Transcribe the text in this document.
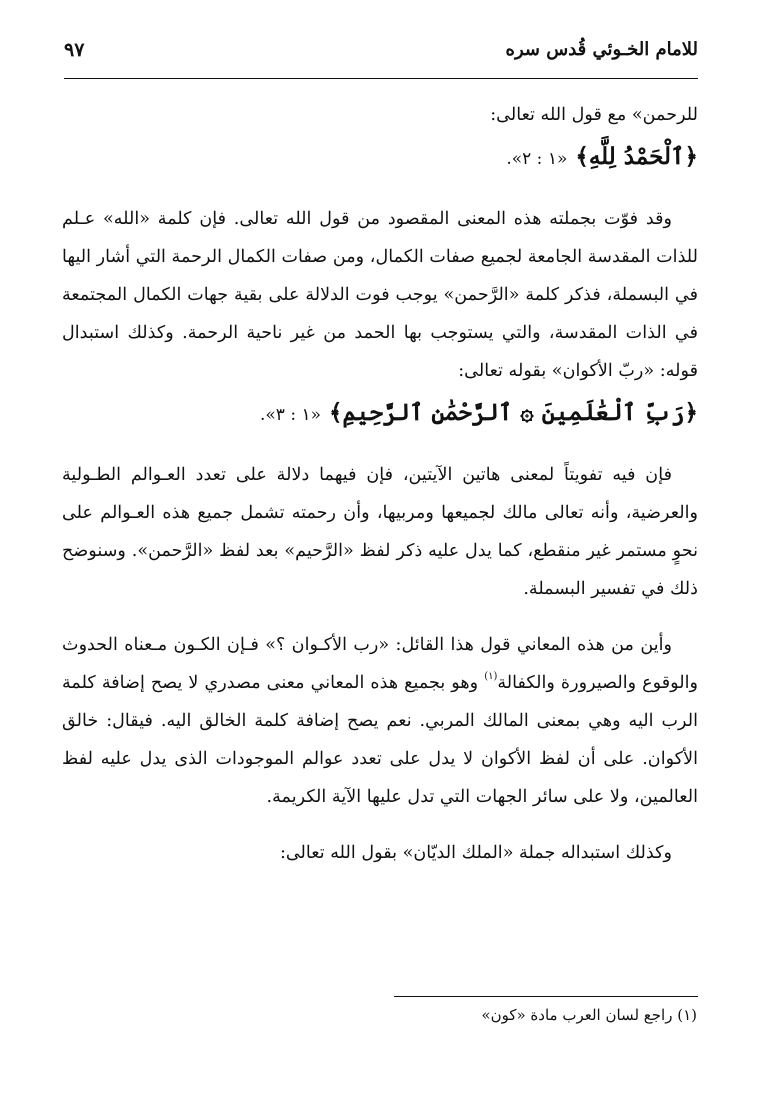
للامام الخـوئي قُدس سره
٩٧

للرحمن» مع قول الله تعالى:

﴿ٱلْحَمْدُ لِلَّهِ﴾ «١ : ٢».

وقد فوّت بجملته هذه المعنى المقصود من قول الله تعالى. فإن كلمة «الله» عـلم للذات المقدسة الجامعة لجميع صفات الكمال، ومن صفات الكمال الرحمة التي أشار اليها في البسملة، فذكر كلمة «الرَّحمن» يوجب فوت الدلالة على بقية جهات الكمال المجتمعة في الذات المقدسة، والتي يستوجب بها الحمد من غير ناحية الرحمة. وكذلك استبدال قوله: «ربّ الأكوان» بقوله تعالى:

﴿رَبِّ ٱلْعَٰلَمِينَ ۞ ٱلرَّحْمَٰنِ ٱلرَّحِيمِ﴾ «١ : ٣».

فإن فيه تفويتاً لمعنى هاتين الآيتين، فإن فيهما دلالة على تعدد العـوالم الطـولية والعرضية، وأنه تعالى مالك لجميعها ومربيها، وأن رحمته تشمل جميع هذه العـوالم على نحوٍ مستمر غير منقطع، كما يدل عليه ذكر لفظ «الرَّحيم» بعد لفظ «الرَّحمن». وسنوضح ذلك في تفسير البسملة.

وأين من هذه المعاني قول هذا القائل: «رب الأكـوان ؟» فـإن الكـون مـعناه الحدوث والوقوع والصيرورة والكفالة$^{(١)}$ وهو بجميع هذه المعاني معنى مصدري لا يصح إضافة كلمة الرب اليه وهي بمعنى المالك المربي. نعم يصح إضافة كلمة الخالق اليه. فيقال: خالق الأكوان. على أن لفظ الأكوان لا يدل على تعدد عوالم الموجودات الذى يدل عليه لفظ العالمين، ولا على سائر الجهات التي تدل عليها الآية الكريمة.

وكذلك استبداله جملة «الملك الديّان» بقول الله تعالى:

(١) راجع لسان العرب مادة «كون»
